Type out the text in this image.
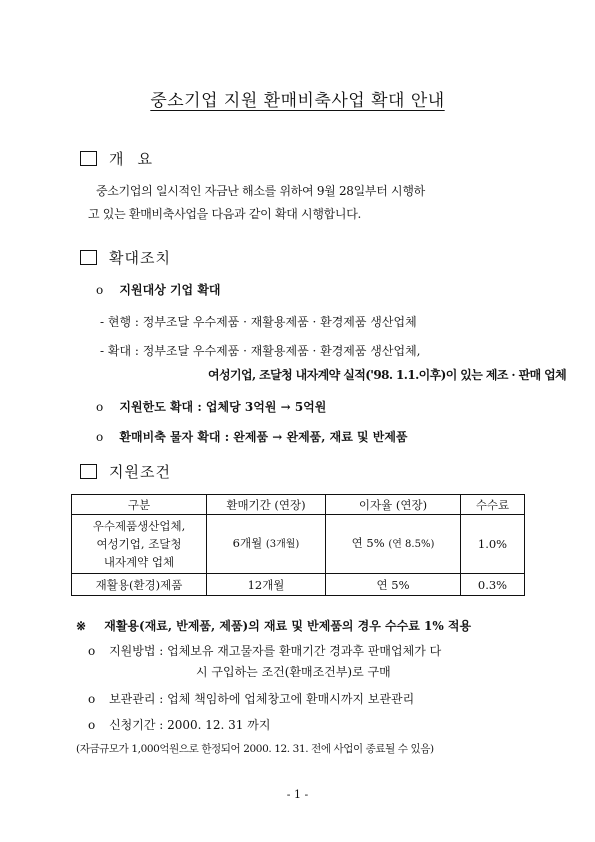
중소기업 지원 환매비축사업 확대 안내
개 요
중소기업의 일시적인 자금난 해소를 위하여 9월 28일부터 시행하
고 있는 환매비축사업을 다음과 같이 확대 시행합니다.
확대조치
o 지원대상 기업 확대
- 현행 : 정부조달 우수제품 · 재활용제품 · 환경제품 생산업체
- 확대 : 정부조달 우수제품 · 재활용제품 · 환경제품 생산업체,
여성기업, 조달청 내자계약 실적('98. 1.1.이후)이 있는 제조 · 판매 업체
o 지원한도 확대 : 업체당 3억원 → 5억원
o 환매비축 물자 확대 : 완제품 → 완제품, 재료 및 반제품
지원조건
구분	환매기간 (연장)	이자율 (연장)	수수료

우수제품생산업체,
여성기업, 조달청
내자계약 업체	6개월 (3개월)	연 5% (연 8.5%)	1.0%
재활용(환경)제품	12개월	연 5%	0.3%
※ 재활용(재료, 반제품, 제품)의 재료 및 반제품의 경우 수수료 1% 적용
o 지원방법 : 업체보유 재고물자를 환매기간 경과후 판매업체가 다
시 구입하는 조건(환매조건부)로 구매
o 보관관리 : 업체 책임하에 업체창고에 환매시까지 보관관리
o 신청기간 : 2000. 12. 31 까지
(자금규모가 1,000억원으로 한정되어 2000. 12. 31. 전에 사업이 종료될 수 있음)
- 1 -
